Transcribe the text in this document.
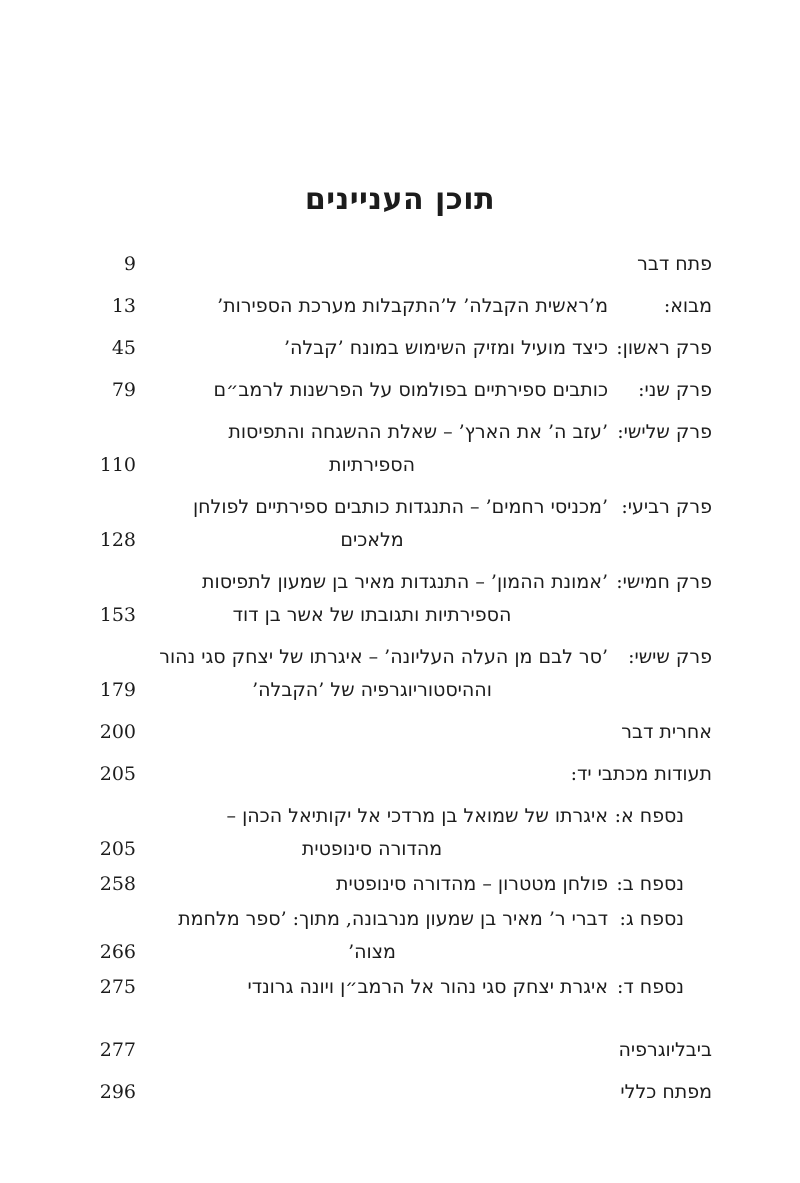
תוכן העניינים
פתח דבר
9
מבוא:
מ’ראשית הקבלה’ ל’התקבלות מערכת הספירות’
13
פרק ראשון:
כיצד מועיל ומזיק השימוש במונח ’קבלה’
45
פרק שני:
כותבים ספירתיים בפולמוס על הפרשנות לרמב״ם
79
פרק שלישי:
’עזב ה’ את הארץ’ – שאלת ההשגחה והתפיסות
הספירתיות
110
פרק רביעי:
’מכניסי רחמים’ – התנגדות כותבים ספירתיים לפולחן
מלאכים
128
פרק חמישי:
’אמונת ההמון’ – התנגדות מאיר בן שמעון לתפיסות
הספירתיות ותגובתו של אשר בן דוד
153
פרק שישי:
’סר לבם מן העלה העליונה’ – איגרתו של יצחק סגי נהור
וההיסטוריוגרפיה של ’הקבלה’
179
אחרית דבר
200
תעודות מכתבי יד:
205
נספח א:
איגרתו של שמואל בן מרדכי אל יקותיאל הכהן –
מהדורה סינופטית
205
נספח ב:
פולחן מטטרון – מהדורה סינופטית
258
נספח ג:
דברי ר’ מאיר בן שמעון מנרבונה, מתוך: ’ספר מלחמת
מצוה’
266
נספח ד:
איגרת יצחק סגי נהור אל הרמב״ן ויונה גרונדי
275
ביבליוגרפיה
277
מפתח כללי
296
